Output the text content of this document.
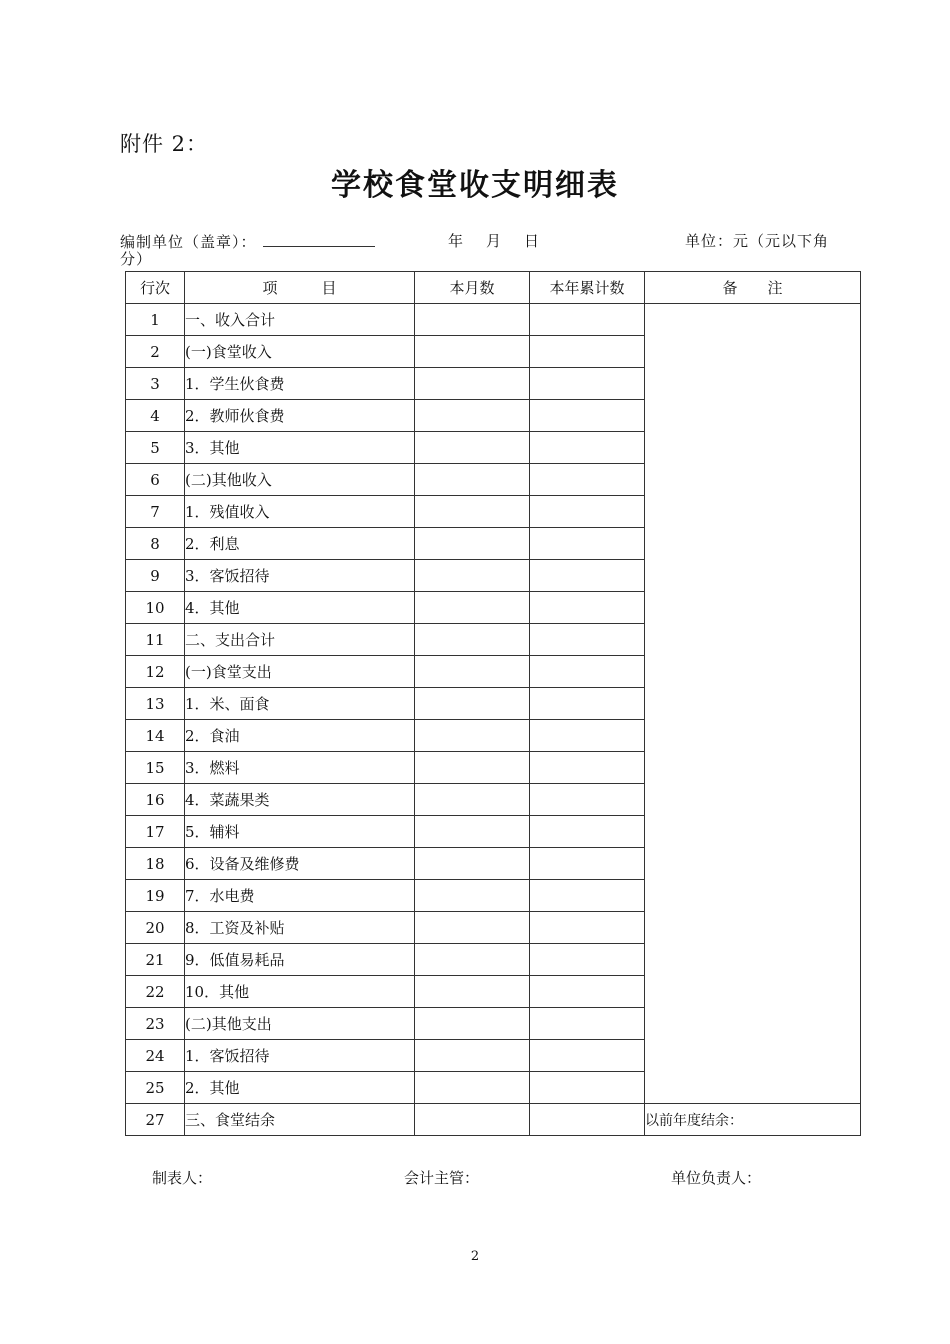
附件 2：
学校食堂收支明细表
编制单位（盖章）：	年 月 日	单位：元（元以下角
分）
行次	项 目	本月数	本年累计数	备 注
1	一、收入合计			
2	(一)食堂收入			
3	1．学生伙食费			
4	2．教师伙食费			
5	3．其他			
6	(二)其他收入			
7	1．残值收入			
8	2．利息			
9	3．客饭招待			
10	4．其他			
11	二、支出合计			
12	(一)食堂支出			
13	1．米、面食			
14	2．食油			
15	3．燃料			
16	4．菜蔬果类			
17	5．辅料			
18	6．设备及维修费			
19	7．水电费			
20	8．工资及补贴			
21	9．低值易耗品			
22	10．其他			
23	(二)其他支出			
24	1．客饭招待			
25	2．其他			
27	三、食堂结余			以前年度结余：
制表人：	会计主管：	单位负责人：
2
